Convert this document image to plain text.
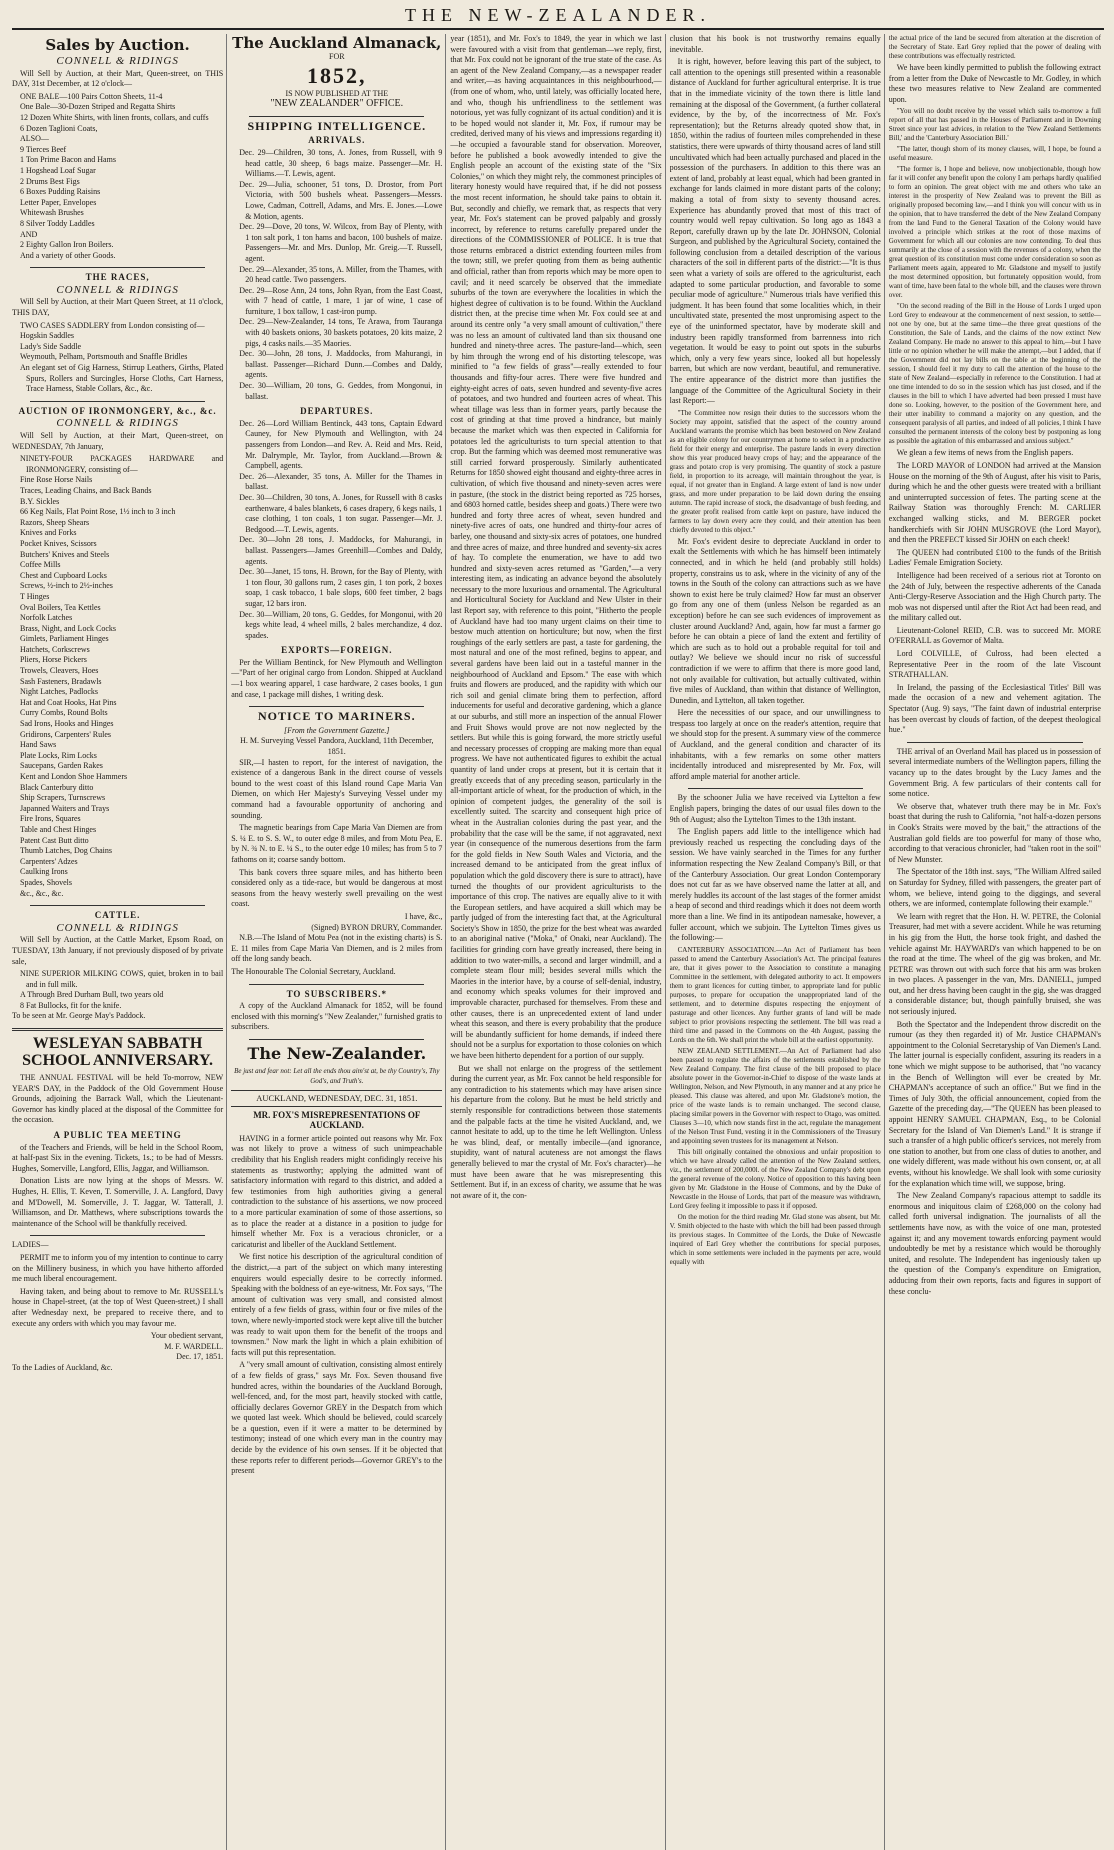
THE NEW-ZEALANDER.
Sales by Auction.
CONNELL & RIDINGS

Will Sell by Auction, at their Mart, Queen-street, on THIS DAY, 31st December, at 12 o'clock—

ONE BALE—100 Pairs Cotton Sheets, 11-4
One Bale—30-Dozen Striped and Regatta Shirts
12 Dozen White Shirts, with linen fronts, collars, and cuffs
6 Dozen Taglioni Coats,
ALSO—
9 Tierces Beef
1 Ton Prime Bacon and Hams
1 Hogshead Loaf Sugar
2 Drums Best Figs
6 Boxes Pudding Raisins
Letter Paper, Envelopes
Whitewash Brushes
8 Silver Toddy Laddles
AND
2 Eighty Gallon Iron Boilers.
And a variety of other Goods.
THE RACES,
CONNELL & RIDINGS

Will Sell by Auction, at their Mart Queen Street, at 11 o'clock, THIS DAY,

TWO CASES SADDLERY from London consisting of—
Hogskin Saddles
Lady's Side Saddle
Weymouth, Pelham, Portsmouth and Snaffle Bridles
An elegant set of Gig Harness, Stirrup Leathers, Girths, Plated Spurs, Rollers and Surcingles, Horse Cloths, Cart Harness, Trace Harness, Stable Collars, &c., &c.
AUCTION OF IRONMONGERY, &c., &c.
CONNELL & RIDINGS

Will Sell by Auction, at their Mart, Queen-street, on WEDNESDAY, 7th January,

NINETY-FOUR PACKAGES HARDWARE and IRONMONGERY, consisting of—
Fine Rose Horse Nails
Traces, Leading Chains, and Back Bands
B.Y. Sickles
66 Keg Nails, Flat Point Rose, 1½ inch to 3 inch
Razors, Sheep Shears
Knives and Forks
Pocket Knives, Scissors
Butchers' Knives and Steels
Coffee Mills
Chest and Cupboard Locks
Screws, ½-inch to 2½-inches
T Hinges
Oval Boilers, Tea Kettles
Norfolk Latches
Brass, Night, and Lock Cocks
Gimlets, Parliament Hinges
Hatchets, Corkscrews
Pliers, Horse Pickers
Trowels, Cleavers, Hoes
Sash Fasteners, Bradawls
Night Latches, Padlocks
Hat and Coat Hooks, Hat Pins
Curry Combs, Round Bolts
Sad Irons, Hooks and Hinges
Gridirons, Carpenters' Rules
Hand Saws
Plate Locks, Rim Locks
Saucepans, Garden Rakes
Kent and London Shoe Hammers
Black Canterbury ditto
Ship Scrapers, Turnscrews
Japanned Waiters and Trays
Fire Irons, Squares
Table and Chest Hinges
Patent Cast Butt ditto
Thumb Latches, Dog Chains
Carpenters' Adzes
Caulking Irons
Spades, Shovels
&c., &c., &c.
CATTLE.
CONNELL & RIDINGS

Will Sell by Auction, at the Cattle Market, Epsom Road, on TUESDAY, 13th January, if not previously disposed of by private sale,

NINE SUPERIOR MILKING COWS, quiet, broken in to bail and in full milk.
A Through Bred Durham Bull, two years old
8 Fat Bullocks, fit for the knife.

To be seen at Mr. George May's Paddock.

WESLEYAN SABBATH SCHOOL ANNIVERSARY.

THE ANNUAL FESTIVAL will be held To-morrow, NEW YEAR'S DAY, in the Paddock of the Old Government House Grounds, adjoining the Barrack Wall, which the Lieutenant-Governor has kindly placed at the disposal of the Committee for the occasion.

A PUBLIC TEA MEETING

of the Teachers and Friends, will be held in the School Room, at half-past Six in the evening. Tickets, 1s.; to be had of Messrs. Hughes, Somerville, Langford, Ellis, Jaggar, and Williamson.

Donation Lists are now lying at the shops of Messrs. W. Hughes, H. Ellis, T. Keven, T. Somerville, J. A. Langford, Davy and M'Dowell, M. Somerville, J. T. Jaggar, W. Tatterall, J. Williamson, and Dr. Matthews, where subscriptions towards the maintenance of the School will be thankfully received.

LADIES—

PERMIT me to inform you of my intention to continue to carry on the Millinery business, in which you have hitherto afforded me much liberal encouragement.

Having taken, and being about to remove to Mr. RUSSELL's house in Chapel-street, (at the top of West Queen-street,) I shall after Wednesday next, be prepared to receive there, and to execute any orders with which you may favour me.

Your obedient servant,
M. F. WARDELL.
Dec. 17, 1851.
To the Ladies of Auckland, &c.
The Auckland Almanack,
FOR
1852,
IS NOW PUBLISHED AT THE
"NEW ZEALANDER" OFFICE.
SHIPPING INTELLIGENCE.
ARRIVALS.
Dec. 29—Children, 30 tons, A. Jones, from Russell, with 9 head cattle, 30 sheep, 6 bags maize. Passenger—Mr. H. Williams.—T. Lewis, agent.
Dec. 29—Julia, schooner, 51 tons, D. Drostor, from Port Victoria, with 500 bushels wheat. Passengers—Messrs. Lowe, Cadman, Cottrell, Adams, and Mrs. E. Jones.—Lowe & Motion, agents.
Dec. 29—Dove, 20 tons, W. Wilcox, from Bay of Plenty, with 1 ton salt pork, 1 ton hams and bacon, 100 bushels of maize. Passengers—Mr. and Mrs. Dunlop, Mr. Greig.—T. Russell, agent.
Dec. 29—Alexander, 35 tons, A. Miller, from the Thames, with 20 head cattle. Two passengers.
Dec. 29—Rose Ann, 24 tons, John Ryan, from the East Coast, with 7 head of cattle, 1 mare, 1 jar of wine, 1 case of furniture, 1 box tallow, 1 cast-iron pump.
Dec. 29—New-Zealander, 14 tons, Te Arawa, from Tauranga with 40 baskets onions, 30 baskets potatoes, 20 kits maize, 2 pigs, 4 casks nails.—35 Maories.
Dec. 30—John, 28 tons, J. Maddocks, from Mahurangi, in ballast. Passenger—Richard Dunn.—Combes and Daldy, agents.
Dec. 30—William, 20 tons, G. Geddes, from Mongonui, in ballast.
DEPARTURES.
Dec. 26—Lord William Bentinck, 443 tons, Captain Edward Cauney, for New Plymouth and Wellington, with 24 passengers from London—and Rev. A. Reid and Mrs. Reid, Mr. Dalrymple, Mr. Taylor, from Auckland.—Brown & Campbell, agents.
Dec. 26—Alexander, 35 tons, A. Miller for the Thames in ballast.
Dec. 30—Children, 30 tons, A. Jones, for Russell with 8 casks earthenware, 4 bales blankets, 6 cases drapery, 6 kegs nails, 1 case clothing, 1 ton coals, 1 ton sugar. Passenger—Mr. J. Bedgood.—T. Lewis, agents.
Dec. 30—John 28 tons, J. Maddocks, for Mahurangi, in ballast. Passengers—James Greenhill—Combes and Daldy, agents.
Dec. 30—Janet, 15 tons, H. Brown, for the Bay of Plenty, with 1 ton flour, 30 gallons rum, 2 cases gin, 1 ton pork, 2 boxes soap, 1 cask tobacco, 1 bale slops, 600 feet timber, 2 bags sugar, 12 bars iron.
Dec. 30—William, 20 tons, G. Geddes, for Mongonui, with 20 kegs white lead, 4 wheel mills, 2 bales merchandize, 4 doz. spades.
EXPORTS—FOREIGN.

Per the William Bentinck, for New Plymouth and Wellington—"Part of her original cargo from London. Shipped at Auckland—1 box wearing apparel, 1 case hardware, 2 cases books, 1 gun and case, 1 package mill dishes, 1 writing desk.

NOTICE TO MARINERS.
[From the Government Gazette.]
H. M. Surveying Vessel Pandora, Auckland, 11th December, 1851.

SIR,—I hasten to report, for the interest of navigation, the existence of a dangerous Bank in the direct course of vessels bound to the west coast of this Island round Cape Maria Van Diemen, on which Her Majesty's Surveying Vessel under my command had a favourable opportunity of anchoring and sounding.

The magnetic bearings from Cape Maria Van Diemen are from S. ¼ E. to S. S. W., to outer edge 8 miles, and from Motu Pea, E. by N. ¾ N. to E. ¼ S., to the outer edge 10 miles; has from 5 to 7 fathoms on it; coarse sandy bottom.

This bank covers three square miles, and has hitherto been considered only as a tide-race, but would be dangerous at most seasons from the heavy westerly swell prevailing on the west coast.

I have, &c.,
(Signed) BYRON DRURY, Commander.

N.B.—The Island of Motu Pea (not in the existing charts) is S. E. 11 miles from Cape Maria Van Diemen, and is 2 miles from off the long sandy beach.

The Honourable The Colonial Secretary, Auckland.

TO SUBSCRIBERS.*

A copy of the Auckland Almanack for 1852, will be found enclosed with this morning's "New Zealander," furnished gratis to subscribers.

The New-Zealander.
Be just and fear not: Let all the ends thou aim'st at, be thy Country's, Thy God's, and Truth's.
AUCKLAND, WEDNESDAY, DEC. 31, 1851.
MR. FOX'S MISREPRESENTATIONS OF AUCKLAND.

HAVING in a former article pointed out reasons why Mr. Fox was not likely to prove a witness of such unimpeachable credibility that his English readers might confidingly receive his statements as trustworthy; applying the admitted want of satisfactory information with regard to this district, and added a few testimonies from high authorities giving a general contradiction to the substance of his assertions, we now proceed to a more particular examination of some of those assertions, so as to place the reader at a distance in a position to judge for himself whether Mr. Fox is a veracious chronicler, or a caricaturist and libeller of the Auckland Settlement.

We first notice his description of the agricultural condition of the district,—a part of the subject on which many interesting enquirers would especially desire to be correctly informed. Speaking with the boldness of an eye-witness, Mr. Fox says, "The amount of cultivation was very small, and consisted almost entirely of a few fields of grass, within four or five miles of the town, where newly-imported stock were kept alive till the butcher was ready to wait upon them for the benefit of the troops and townsmen." Now mark the light in which a plain exhibition of facts will put this representation.

A "very small amount of cultivation, consisting almost entirely of a few fields of grass," says Mr. Fox. Seven thousand five hundred acres, within the boundaries of the Auckland Borough, well-fenced, and, for the most part, heavily stocked with cattle, officially declares Governor GREY in the Despatch from which we quoted last week. Which should be believed, could scarcely be a question, even if it were a matter to be determined by testimony; instead of one which every man in the country may decide by the evidence of his own senses. If it be objected that these reports refer to different periods—Governor GREY's to the present

year (1851), and Mr. Fox's to 1849, the year in which we last were favoured with a visit from that gentleman—we reply, first, that Mr. Fox could not be ignorant of the true state of the case. As an agent of the New Zealand Company,—as a newspaper reader and writer,—as having acquaintances in this neighbourhood,—(from one of whom, who, until lately, was officially located here, and who, though his unfriendliness to the settlement was notorious, yet was fully cognizant of its actual condition) and it is to be hoped would not slander it, Mr. Fox, if rumour may be credited, derived many of his views and impressions regarding it)—he occupied a favourable stand for observation. Moreover, before he published a book avowedly intended to give the English people an account of the existing state of the "Six Colonies," on which they might rely, the commonest principles of literary honesty would have required that, if he did not possess the most recent information, he should take pains to obtain it. But, secondly and chiefly, we remark that, as respects that very year, Mr. Fox's statement can be proved palpably and grossly incorrect, by reference to returns carefully prepared under the directions of the COMMISSIONER of POLICE. It is true that those returns embraced a district extending fourteen miles from the town; still, we prefer quoting from them as being authentic and official, rather than from reports which may be more open to cavil; and it need scarcely be observed that the immediate suburbs of the town are everywhere the localities in which the highest degree of cultivation is to be found. Within the Auckland district then, at the precise time when Mr. Fox could see at and around its centre only "a very small amount of cultivation," there was no less an amount of cultivated land than six thousand one hundred and ninety-three acres. The pasture-land—which, seen by him through the wrong end of his distorting telescope, was minified to "a few fields of grass"—really extended to four thousands and fifty-four acres. There were five hundred and eighty-eight acres of oats, seven hundred and seventy-five acres of potatoes, and two hundred and fourteen acres of wheat. This wheat tillage was less than in former years, partly because the cost of grinding at that time proved a hindrance, but mainly because the market which was then expected in California for potatoes led the agriculturists to turn special attention to that crop. But the farming which was deemed most remunerative was still carried forward prosperously. Similarly authenticated Returns for 1850 showed eight thousand and eighty-three acres in cultivation, of which five thousand and ninety-seven acres were in pasture, (the stock in the district being reported as 725 horses, and 6803 horned cattle, besides sheep and goats.) There were two hundred and forty three acres of wheat, seven hundred and ninety-five acres of oats, one hundred and thirty-four acres of barley, one thousand and sixty-six acres of potatoes, one hundred and three acres of maize, and three hundred and seventy-six acres of hay. To complete the enumeration, we have to add two hundred and sixty-seven acres returned as "Garden,"—a very interesting item, as indicating an advance beyond the absolutely necessary to the more luxurious and ornamental. The Agricultural and Horticultural Society for Auckland and New Ulster in their last Report say, with reference to this point, "Hitherto the people of Auckland have had too many urgent claims on their time to bestow much attention on horticulture; but now, when the first roughings of the early settlers are past, a taste for gardening, the most natural and one of the most refined, begins to appear, and several gardens have been laid out in a tasteful manner in the neighbourhood of Auckland and Epsom." The ease with which fruits and flowers are produced, and the rapidity with which our rich soil and genial climate bring them to perfection, afford inducements for useful and decorative gardening, which a glance at our suburbs, and still more an inspection of the annual Flower and Fruit Shows would prove are not now neglected by the settlers. But while this is going forward, the more strictly useful and necessary processes of cropping are making more than equal progress. We have not authenticated figures to exhibit the actual quantity of land under crops at present, but it is certain that it greatly exceeds that of any preceding season, particularly in the all-important article of wheat, for the production of which, in the opinion of competent judges, the generality of the soil is excellently suited. The scarcity and consequent high price of wheat in the Australian colonies during the past year, and the probability that the case will be the same, if not aggravated, next year (in consequence of the numerous desertions from the farm for the gold fields in New South Wales and Victoria, and the increased demand to be anticipated from the great influx of population which the gold discovery there is sure to attract), have turned the thoughts of our provident agriculturists to the importance of this crop. The natives are equally alive to it with the European settlers, and have acquired a skill which may be partly judged of from the interesting fact that, at the Agricultural Society's Show in 1850, the prize for the best wheat was awarded to an aboriginal native ("Moka," of Onaki, near Auckland). The facilities for grinding corn have greatly increased, there being in addition to two water-mills, a second and larger windmill, and a complete steam flour mill; besides several mills which the Maories in the interior have, by a course of self-denial, industry, and economy which speaks volumes for their improved and improvable character, purchased for themselves. From these and other causes, there is an unprecedented extent of land under wheat this season, and there is every probability that the produce will be abundantly sufficient for home demands, if indeed there should not be a surplus for exportation to those colonies on which we have been hitherto dependent for a portion of our supply.

But we shall not enlarge on the progress of the settlement during the current year, as Mr. Fox cannot be held responsible for any contradiction to his statements which may have arisen since his departure from the colony. But he must be held strictly and sternly responsible for contradictions between those statements and the palpable facts at the time he visited Auckland, and, we cannot hesitate to add, up to the time he left Wellington. Unless he was blind, deaf, or mentally imbecile—(and ignorance, stupidity, want of natural acuteness are not amongst the flaws generally believed to mar the crystal of Mr. Fox's character)—he must have been aware that he was misrepresenting this Settlement. But if, in an excess of charity, we assume that he was not aware of it, the con-

clusion that his book is not trustworthy remains equally inevitable.

It is right, however, before leaving this part of the subject, to call attention to the openings still presented within a reasonable distance of Auckland for further agricultural enterprise. It is true that in the immediate vicinity of the town there is little land remaining at the disposal of the Government, (a further collateral evidence, by the by, of the incorrectness of Mr. Fox's representation); but the Returns already quoted show that, in 1850, within the radius of fourteen miles comprehended in these statistics, there were upwards of thirty thousand acres of land still uncultivated which had been actually purchased and placed in the possession of the purchasers. In addition to this there was an extent of land, probably at least equal, which had been granted in exchange for lands claimed in more distant parts of the colony; making a total of from sixty to seventy thousand acres. Experience has abundantly proved that most of this tract of country would well repay cultivation. So long ago as 1843 a Report, carefully drawn up by the late Dr. JOHNSON, Colonial Surgeon, and published by the Agricultural Society, contained the following conclusion from a detailed description of the various characters of the soil in different parts of the district:—"It is thus seen what a variety of soils are offered to the agriculturist, each adapted to some particular production, and favorable to some peculiar mode of agriculture." Numerous trials have verified this judgment. It has been found that some localities which, in their uncultivated state, presented the most unpromising aspect to the eye of the uninformed spectator, have by moderate skill and industry been rapidly transformed from barrenness into rich vegetation. It would be easy to point out spots in the suburbs which, only a very few years since, looked all but hopelessly barren, but which are now verdant, beautiful, and remunerative. The entire appearance of the district more than justifies the language of the Committee of the Agricultural Society in their last Report:—

"The Committee now resign their duties to the successors whom the Society may appoint, satisfied that the aspect of the country around Auckland warrants the promise which has been bestowed on New Zealand as an eligible colony for our countrymen at home to select in a productive field for their energy and enterprise. The pasture lands in every direction show this year produced heavy crops of hay; and the appearance of the grass and potato crop is very promising. The quantity of stock a pasture field, in proportion to its acreage, will maintain throughout the year, is equal, if not greater than in England. A large extent of land is now under grass, and more under preparation to be laid down during the ensuing autumn. The rapid increase of stock, the disadvantage of bush feeding, and the greater profit realised from cattle kept on pasture, have induced the farmers to lay down every acre they could, and their attention has been chiefly devoted to this object."

Mr. Fox's evident desire to depreciate Auckland in order to exalt the Settlements with which he has himself been intimately connected, and in which he held (and probably still holds) property, constrains us to ask, where in the vicinity of any of the towns in the South of the colony can attractions such as we have shown to exist here be truly claimed? How far must an observer go from any one of them (unless Nelson be regarded as an exception) before he can see such evidences of improvement as cluster around Auckland? And, again, how far must a farmer go before he can obtain a piece of land the extent and fertility of which are such as to hold out a probable requital for toil and outlay? We believe we should incur no risk of successful contradiction if we were to affirm that there is more good land, not only available for cultivation, but actually cultivated, within five miles of Auckland, than within that distance of Wellington, Dunedin, and Lyttelton, all taken together.

Here the necessities of our space, and our unwillingness to trespass too largely at once on the reader's attention, require that we should stop for the present. A summary view of the commerce of Auckland, and the general condition and character of its inhabitants, with a few remarks on some other matters incidentally introduced and misrepresented by Mr. Fox, will afford ample material for another article.

By the schooner Julia we have received via Lyttelton a few English papers, bringing the dates of our usual files down to the 9th of August; also the Lyttelton Times to the 13th instant.

The English papers add little to the intelligence which had previously reached us respecting the concluding days of the session. We have vainly searched in the Times for any further information respecting the New Zealand Company's Bill, or that of the Canterbury Association. Our great London Contemporary does not cut far as we have observed name the latter at all, and merely huddles its account of the last stages of the former amidst a heap of second and third readings which it does not deem worth more than a line. We find in its antipodean namesake, however, a fuller account, which we subjoin. The Lyttelton Times gives us the following:—

CANTERBURY ASSOCIATION.—An Act of Parliament has been passed to amend the Canterbury Association's Act. The principal features are, that it gives power to the Association to constitute a managing Committee in the settlement, with delegated authority to act. It empowers them to grant licences for cutting timber, to appropriate land for public purposes, to prepare for occupation the unappropriated land of the settlement, and to determine disputes respecting the enjoyment of pasturage and other licences. Any further grants of land will be made subject to prior provisions respecting the settlement. The bill was read a third time and passed in the Commons on the 4th August, passing the Lords on the 6th. We shall print the whole bill at the earliest opportunity.

NEW ZEALAND SETTLEMENT.—An Act of Parliament had also been passed to regulate the affairs of the settlements established by the New Zealand Company. The first clause of the bill proposed to place absolute power in the Governor-in-Chief to dispose of the waste lands at Wellington, Nelson, and New Plymouth, in any manner and at any price he pleased. This clause was altered, and upon Mr. Gladstone's motion, the price of the waste lands is to remain unchanged. The second clause, placing similar powers in the Governor with respect to Otago, was omitted. Clauses 3—10, which now stands first in the act, regulate the management of the Nelson Trust Fund, vesting it in the Commissioners of the Treasury and appointing seven trustees for its management at Nelson.

This bill originally contained the obnoxious and unfair proposition to which we have already called the attention of the New Zealand settlers, viz., the settlement of 200,000l. of the New Zealand Company's debt upon the general revenue of the colony. Notice of opposition to this having been given by Mr. Gladstone in the House of Commons, and by the Duke of Newcastle in the House of Lords, that part of the measure was withdrawn, Lord Grey feeling it impossible to pass it if opposed.

On the motion for the third reading Mr. Glad stone was absent, but Mr. V. Smith objected to the haste with which the bill had been passed through its previous stages. In Committee of the Lords, the Duke of Newcastle inquired of Earl Grey whether the contributions for special purposes, which in some settlements were included in the payments per acre, would equally with

the actual price of the land be secured from alteration at the discretion of the Secretary of State. Earl Grey replied that the power of dealing with these contributions was effectually restricted.

We have been kindly permitted to publish the following extract from a letter from the Duke of Newcastle to Mr. Godley, in which these two measures relative to New Zealand are commented upon.

"You will no doubt receive by the vessel which sails to-morrow a full report of all that has passed in the Houses of Parliament and in Downing Street since your last advices, in relation to the 'New Zealand Settlements Bill,' and the 'Canterbury Association Bill.'

"The latter, though shorn of its money clauses, will, I hope, be found a useful measure.

"The former is, I hope and believe, now unobjectionable, though how far it will confer any benefit upon the colony I am perhaps hardly qualified to form an opinion. The great object with me and others who take an interest in the prosperity of New Zealand was to prevent the Bill as originally proposed becoming law,—and I think you will concur with us in the opinion, that to have transferred the debt of the New Zealand Company from the land Fund to the General Taxation of the Colony would have involved a principle which strikes at the root of those maxims of Government for which all our colonies are now contending. To deal thus summarily at the close of a session with the revenues of a colony, when the great question of its constitution must come under consideration so soon as Parliament meets again, appeared to Mr. Gladstone and myself to justify the most determined opposition, but fortunately opposition would, from want of time, have been fatal to the whole bill, and the clauses were thrown over.

"On the second reading of the Bill in the House of Lords I urged upon Lord Grey to endeavour at the commencement of next session, to settle—not one by one, but at the same time—the three great questions of the Constitution, the Sale of Lands, and the claims of the now extinct New Zealand Company. He made no answer to this appeal to him,—but I have little or no opinion whether he will make the attempt,—but I added, that if the Government did not lay bills on the table at the beginning of the session, I should feel it my duty to call the attention of the house to the state of New Zealand—especially in reference to the Constitution. I had at one time intended to do so in the session which has just closed, and if the clauses in the bill to which I have adverted had been pressed I must have done so. Looking, however, to the position of the Government here, and their utter inability to command a majority on any question, and the consequent paralysis of all parties, and indeed of all policies, I think I have consulted the permanent interests of the colony best by postponing as long as possible the agitation of this embarrassed and anxious subject."

We glean a few items of news from the English papers.

The LORD MAYOR of LONDON had arrived at the Mansion House on the morning of the 9th of August, after his visit to Paris, during which he and the other guests were treated with a brilliant and uninterrupted succession of fetes. The parting scene at the Railway Station was thoroughly French: M. CARLIER exchanged walking sticks, and M. BERGER pocket handkerchiefs with Sir JOHN MUSGROVE (the Lord Mayor), and then the PREFECT kissed Sir JOHN on each cheek!

The QUEEN had contributed £100 to the funds of the British Ladies' Female Emigration Society.

Intelligence had been received of a serious riot at Toronto on the 24th of July, between the respective adherents of the Canada Anti-Clergy-Reserve Association and the High Church party. The mob was not dispersed until after the Riot Act had been read, and the military called out.

Lieutenant-Colonel REID, C.B. was to succeed Mr. MORE O'FERRALL as Governor of Malta.

Lord COLVILLE, of Culross, had been elected a Representative Peer in the room of the late Viscount STRATHALLAN.

In Ireland, the passing of the Ecclesiastical Titles' Bill was made the occasion of a new and vehement agitation. The Spectator (Aug. 9) says, "The faint dawn of industrial enterprise has been overcast by clouds of faction, of the deepest theological hue."

THE arrival of an Overland Mail has placed us in possession of several intermediate numbers of the Wellington papers, filling the vacancy up to the dates brought by the Lucy James and the Government Brig. A few particulars of their contents call for some notice.

We observe that, whatever truth there may be in Mr. Fox's boast that during the rush to California, "not half-a-dozen persons in Cook's Straits were moved by the bait," the attractions of the Australian gold fields are too powerful for many of those who, according to that veracious chronicler, had "taken root in the soil" of New Munster.

The Spectator of the 18th inst. says, "The William Alfred sailed on Saturday for Sydney, filled with passengers, the greater part of whom, we believe, intend going to the diggings, and several others, we are informed, contemplate following their example."

We learn with regret that the Hon. H. W. PETRE, the Colonial Treasurer, had met with a severe accident. While he was returning in his gig from the Hutt, the horse took fright, and dashed the vehicle against Mr. HAYWARD's van which happened to be on the road at the time. The wheel of the gig was broken, and Mr. PETRE was thrown out with such force that his arm was broken in two places. A passenger in the van, Mrs. DANIELL, jumped out, and her dress having been caught in the gig, she was dragged a considerable distance; but, though painfully bruised, she was not seriously injured.

Both the Spectator and the Independent throw discredit on the rumour (as they then regarded it) of Mr. Justice CHAPMAN's appointment to the Colonial Secretaryship of Van Diemen's Land. The latter journal is especially confident, assuring its readers in a tone which we might suppose to be authorised, that "no vacancy in the Bench of Wellington will ever be created by Mr. CHAPMAN's acceptance of such an office." But we find in the Times of July 30th, the official announcement, copied from the Gazette of the preceding day,—"The QUEEN has been pleased to appoint HENRY SAMUEL CHAPMAN, Esq., to be Colonial Secretary for the Island of Van Diemen's Land." It is strange if such a transfer of a high public officer's services, not merely from one station to another, but from one class of duties to another, and one widely different, was made without his own consent, or, at all events, without his knowledge. We shall look with some curiosity for the explanation which time will, we suppose, bring.

The New Zealand Company's rapacious attempt to saddle its enormous and iniquitous claim of £268,000 on the colony had called forth universal indignation. The journalists of all the settlements have now, as with the voice of one man, protested against it; and any movement towards enforcing payment would undoubtedly be met by a resistance which would be thoroughly united, and resolute. The Independent has ingeniously taken up the question of the Company's expenditure on Emigration, adducing from their own reports, facts and figures in support of these conclu-
